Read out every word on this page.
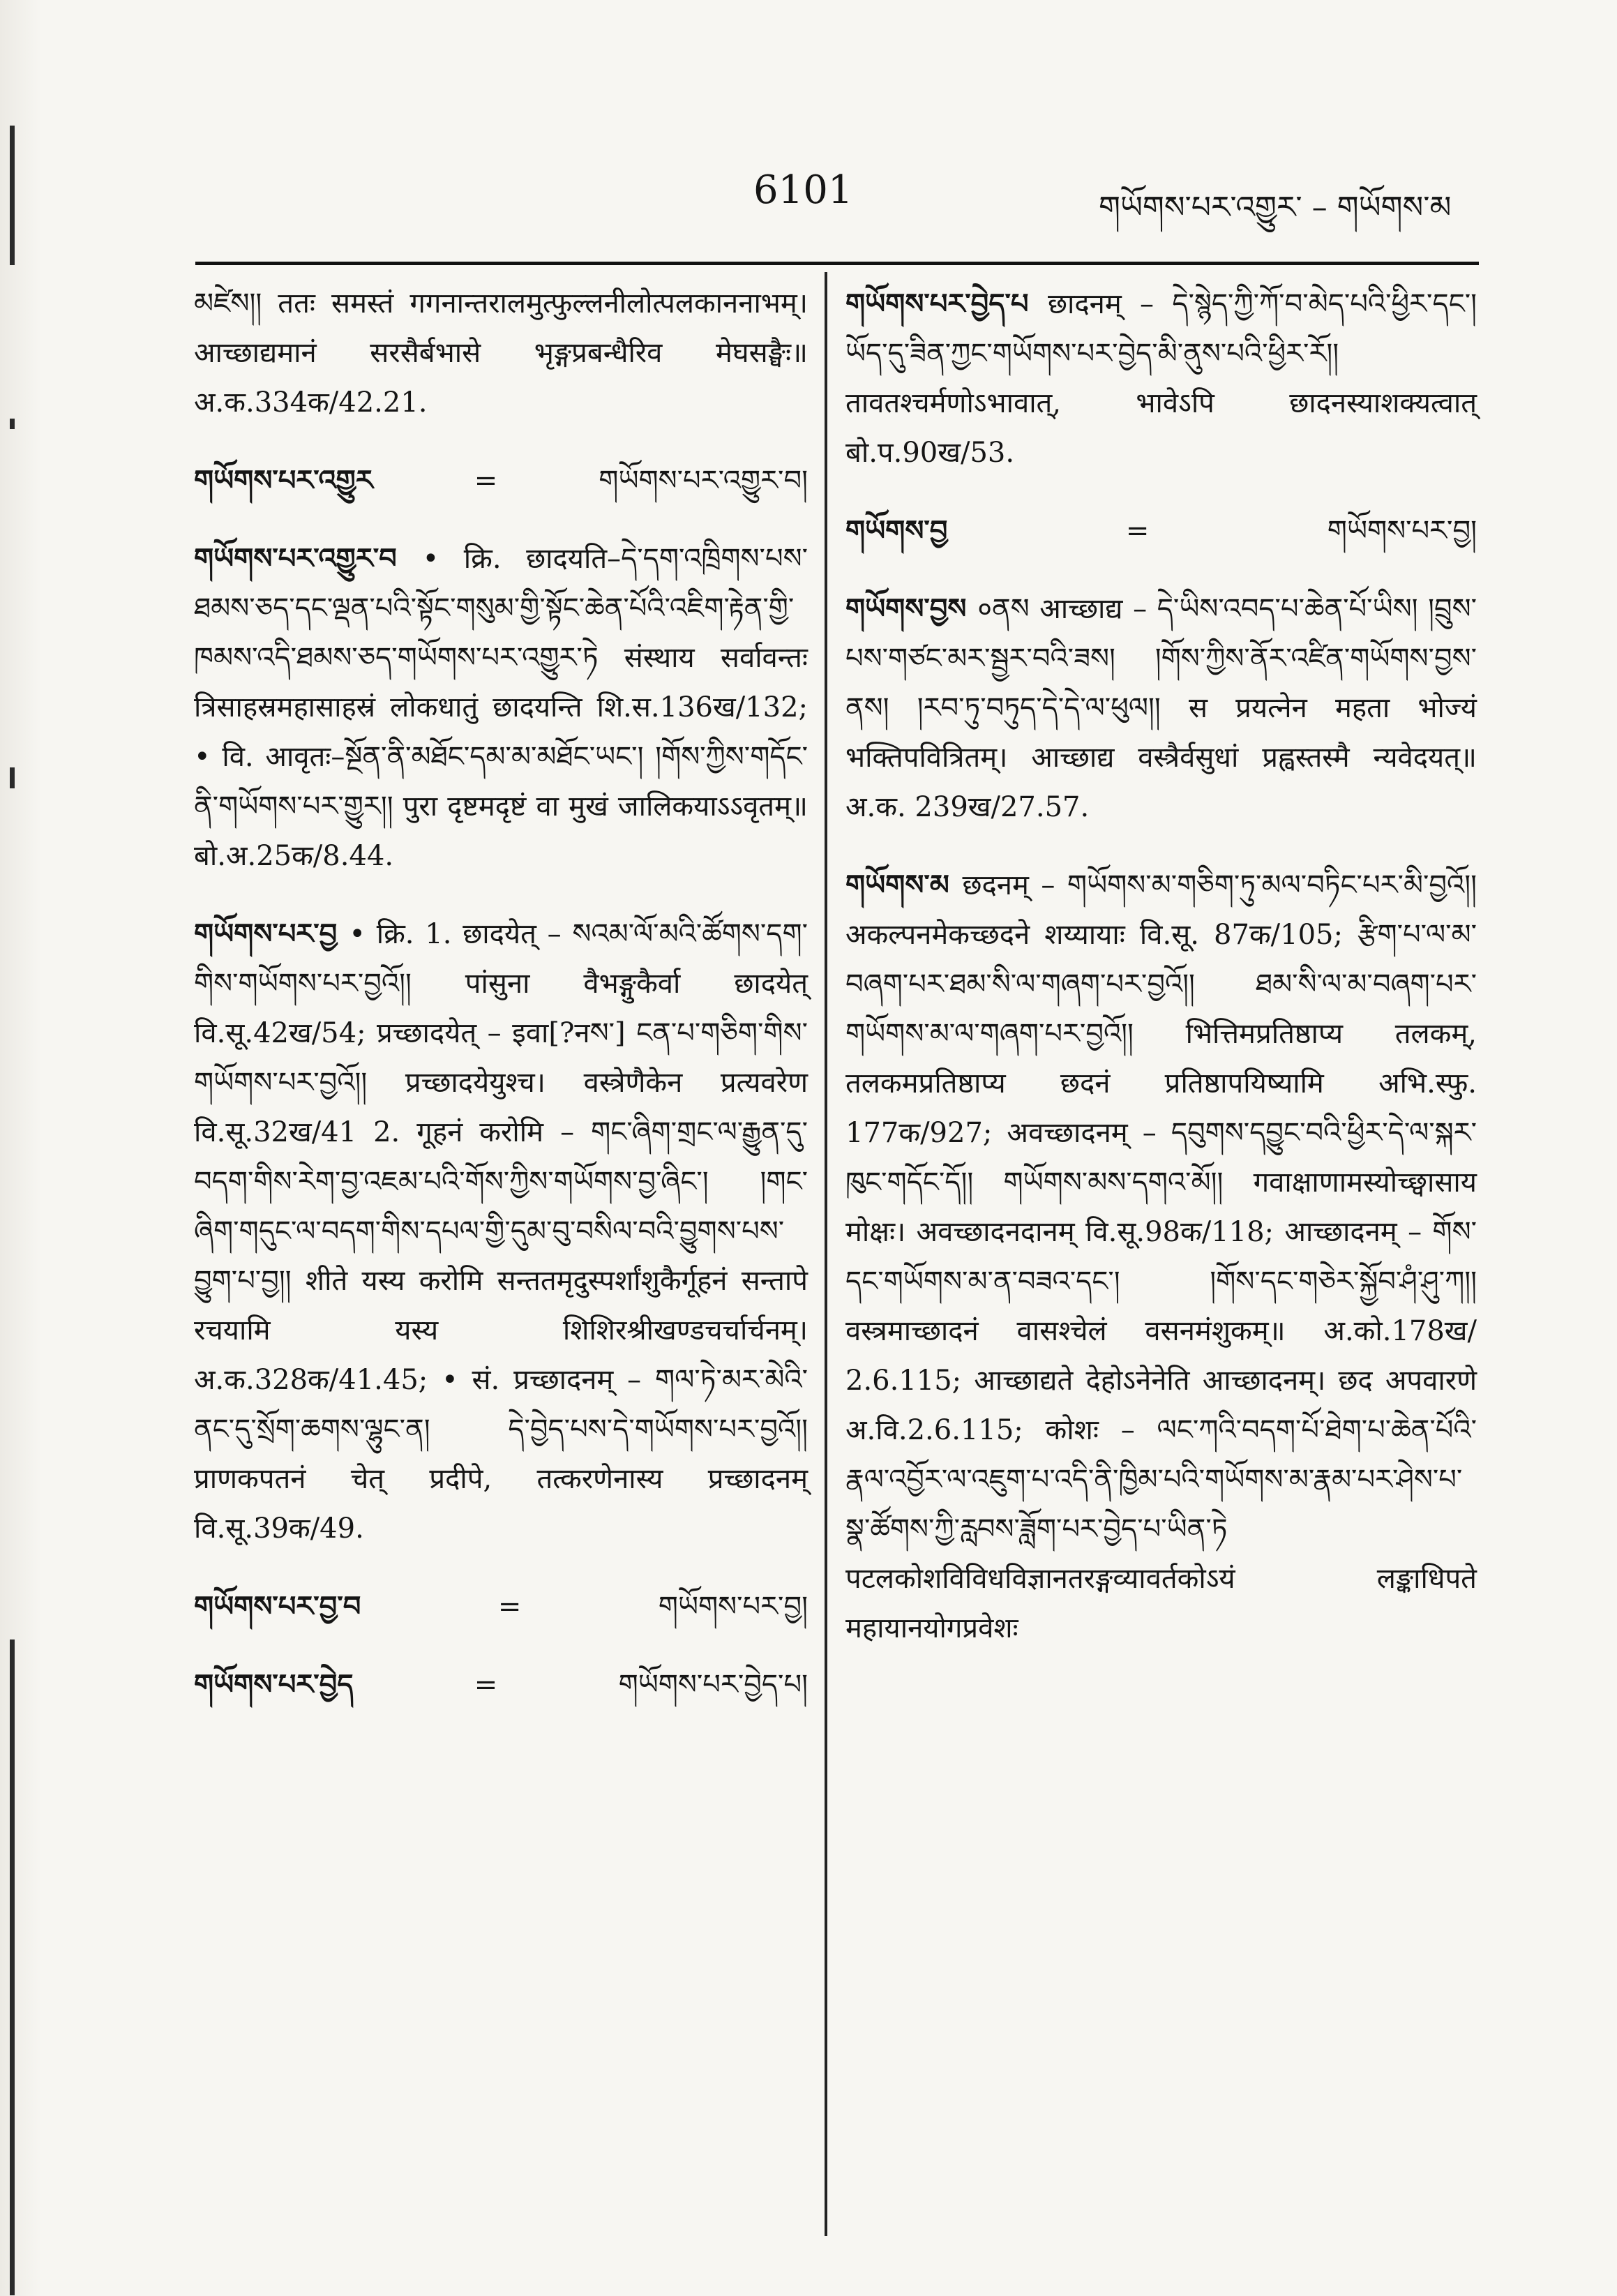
6101	གཡོགས་པར་འགྱུར་ – གཡོགས་མ

མཛེས།། ततः समस्तं गगनान्तरालमुत्फुल्लनीलोत्पलकाननाभम्। आच्छाद्यमानं सरसैर्बभासे भृङ्गप्रबन्धैरिव मेघसङ्घैः॥ अ.क.334क/42.21.

གཡོགས་པར་འགྱུར	=	གཡོགས་པར་འགྱུར་བ།

གཡོགས་པར་འགྱུར་བ • क्रि. छादयति–དེ་དག་འཁྲིགས་པས་ཐམས་ཅད་དང་ལྡན་པའི་སྟོང་གསུམ་གྱི་སྟོང་ཆེན་པོའི་འཇིག་རྟེན་གྱི་ཁམས་འདི་ཐམས་ཅད་གཡོགས་པར་འགྱུར་ཏེ संस्थाय सर्वावन्तः त्रिसाहस्रमहासाहस्रं लोकधातुं छादयन्ति शि.स.136ख/132; • वि. आवृतः–སྔོན་ནི་མཐོང་དམ་མ་མཐོང་ཡང་། །གོས་ཀྱིས་གདོང་ནི་གཡོགས་པར་གྱུར།། पुरा दृष्टमदृष्टं वा मुखं जालिकयाऽऽवृतम्॥ बो.अ.25क/8.44.

གཡོགས་པར་བྱ • क्रि. 1. छादयेत् – སའམ་ལོ་མའི་ཚོགས་དག་གིས་གཡོགས་པར་བྱའོ།། पांसुना वैभङ्गुकैर्वा छादयेत् वि.सू.42ख/54; प्रच्छादयेत् – इवा[?नས་] ངན་པ་གཅིག་གིས་གཡོགས་པར་བྱའོ།། प्रच्छादयेयुश्च। वस्त्रेणैकेन प्रत्यवरेण वि.सू.32ख/41 2. गूहनं करोमि – གང་ཞིག་གྲང་ལ་རྒྱུན་དུ་བདག་གིས་རེག་བྱ་འཇམ་པའི་གོས་ཀྱིས་གཡོགས་བྱ་ཞིང་། །གང་ཞིག་གདུང་ལ་བདག་གིས་དཔལ་གྱི་དུམ་བུ་བསིལ་བའི་བྱུགས་པས་བྱུག་པ་བྱ།། शीते यस्य करोमि सन्ततमृदुस्पर्शांशुकैर्गूहनं सन्तापे रचयामि यस्य शिशिरश्रीखण्डचर्चार्चनम्। अ.क.328क/41.45; • सं. प्रच्छादनम् – གལ་ཏེ་མར་མེའི་ནང་དུ་སྲོག་ཆགས་ལྷུང་ན། དེ་བྱེད་པས་དེ་གཡོགས་པར་བྱའོ།། प्राणकपतनं चेत् प्रदीपे, तत्करणेनास्य प्रच्छादनम् वि.सू.39क/49.

གཡོགས་པར་བྱ་བ	=	གཡོགས་པར་བྱ།
གཡོགས་པར་བྱེད	=	གཡོགས་པར་བྱེད་པ།

གཡོགས་པར་བྱེད་པ छादनम् – དེ་སྙེད་ཀྱི་ཀོ་བ་མེད་པའི་ཕྱིར་དང་། ཡོད་དུ་ཟིན་ཀྱང་གཡོགས་པར་བྱེད་མི་ནུས་པའི་ཕྱིར་རོ།། तावतश्चर्मणोऽभावात्, भावेऽपि छादनस्याशक्यत्वात् बो.प.90ख/53.

གཡོགས་བྱ	=	གཡོགས་པར་བྱ།

གཡོགས་བྱས ०ནས आच्छाद्य – དེ་ཡིས་འབད་པ་ཆེན་པོ་ཡིས། །བྲུས་པས་གཙང་མར་སྦྱར་བའི་ཟས། །གོས་ཀྱིས་ནོར་འཛིན་གཡོགས་བྱས་ནས། །རབ་ཏུ་བཏུད་དེ་དེ་ལ་ཕུལ།། स प्रयत्नेन महता भोज्यं भक्तिपवित्रितम्। आच्छाद्य वस्त्रैर्वसुधां प्रह्वस्तस्मै न्यवेदयत्॥ अ.क. 239ख/27.57.

གཡོགས་མ छदनम् – གཡོགས་མ་གཅིག་ཏུ་མལ་བཏིང་པར་མི་བྱའོ།། अकल्पनमेकच्छदने शय्यायाः वि.सू. 87क/105; རྩིག་པ་ལ་མ་བཞག་པར་ཐམ་སི་ལ་གཞག་པར་བྱའོ།། ཐམ་སི་ལ་མ་བཞག་པར་གཡོགས་མ་ལ་གཞག་པར་བྱའོ།། भित्तिमप्रतिष्ठाप्य तलकम्, तलकमप्रतिष्ठाप्य छदनं प्रतिष्ठापयिष्यामि अभि.स्फु. 177क/927; अवच्छादनम् – དབུགས་དབྱུང་བའི་ཕྱིར་དེ་ལ་སྐར་ཁུང་གདོང་དོ།། གཡོགས་མས་དགའ་མོ།། गवाक्षाणामस्योच्छ्वासाय मोक्षः। अवच्छादनदानम् वि.सू.98क/118; आच्छादनम् – གོས་དང་གཡོགས་མ་ན་བཟའ་དང་། །གོས་དང་གཅེར་སྐྱོབ་ཤཾ་ཤུ་ཀ།། वस्त्रमाच्छादनं वासश्चेलं वसनमंशुकम्॥ अ.को.178ख/ 2.6.115; आच्छाद्यते देहोऽनेनेति आच्छादनम्। छद अपवारणे अ.वि.2.6.115; कोशः – ལང་ཀའི་བདག་པོ་ཐེག་པ་ཆེན་པོའི་རྣལ་འབྱོར་ལ་འཇུག་པ་འདི་ནི་ཁྱིམ་པའི་གཡོགས་མ་རྣམ་པར་ཤེས་པ་སྣ་ཚོགས་ཀྱི་རླབས་ཟློག་པར་བྱེད་པ་ཡིན་ཏེ पटलकोशविविधविज्ञानतरङ्गव्यावर्तकोऽयं लङ्काधिपते महायानयोगप्रवेशः
